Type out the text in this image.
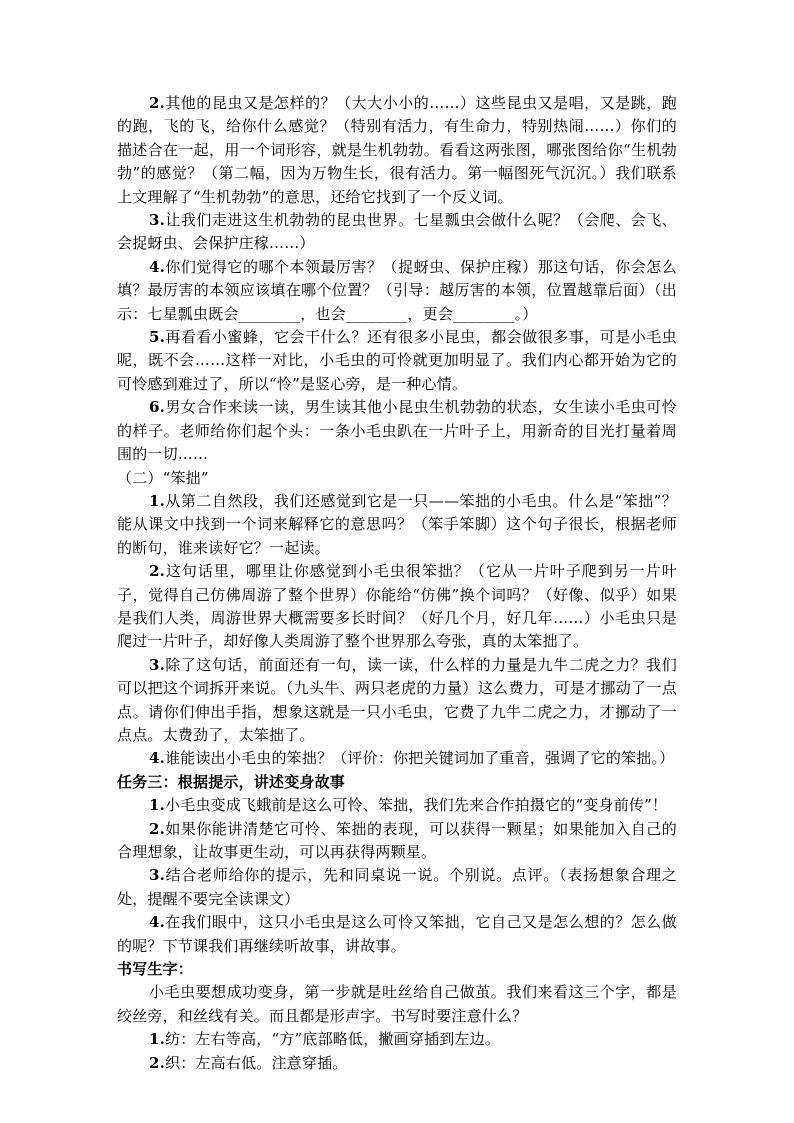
2.其他的昆虫又是怎样的？（大大小小的……）这些昆虫又是唱，又是跳，跑的跑，飞的飞，给你什么感觉？（特别有活力，有生命力，特别热闹……）你们的描述合在一起，用一个词形容，就是生机勃勃。看看这两张图，哪张图给你“生机勃勃”的感觉？（第二幅，因为万物生长，很有活力。第一幅图死气沉沉。）我们联系上文理解了“生机勃勃”的意思，还给它找到了一个反义词。

3.让我们走进这生机勃勃的昆虫世界。七星瓢虫会做什么呢？（会爬、会飞、会捉蚜虫、会保护庄稼……）

4.你们觉得它的哪个本领最厉害？（捉蚜虫、保护庄稼）那这句话，你会怎么填？最厉害的本领应该填在哪个位置？（引导：越厉害的本领，位置越靠后面）（出示：七星瓢虫既会________，也会________，更会________。）

5.再看看小蜜蜂，它会干什么？还有很多小昆虫，都会做很多事，可是小毛虫呢，既不会……这样一对比，小毛虫的可怜就更加明显了。我们内心都开始为它的可怜感到难过了，所以“怜”是竖心旁，是一种心情。

6.男女合作来读一读，男生读其他小昆虫生机勃勃的状态，女生读小毛虫可怜的样子。老师给你们起个头：一条小毛虫趴在一片叶子上，用新奇的目光打量着周围的一切……

（二）“笨拙”

1.从第二自然段，我们还感觉到它是一只——笨拙的小毛虫。什么是“笨拙”？能从课文中找到一个词来解释它的意思吗？（笨手笨脚）这个句子很长，根据老师的断句，谁来读好它？一起读。

2.这句话里，哪里让你感觉到小毛虫很笨拙？（它从一片叶子爬到另一片叶子，觉得自己仿佛周游了整个世界）你能给“仿佛”换个词吗？（好像、似乎）如果是我们人类，周游世界大概需要多长时间？（好几个月，好几年……）小毛虫只是爬过一片叶子，却好像人类周游了整个世界那么夸张，真的太笨拙了。

3.除了这句话，前面还有一句，读一读，什么样的力量是九牛二虎之力？我们可以把这个词拆开来说。（九头牛、两只老虎的力量）这么费力，可是才挪动了一点点。请你们伸出手指，想象这就是一只小毛虫，它费了九牛二虎之力，才挪动了一点点。太费劲了，太笨拙了。

4.谁能读出小毛虫的笨拙？（评价：你把关键词加了重音，强调了它的笨拙。）

任务三：根据提示，讲述变身故事

1.小毛虫变成飞蛾前是这么可怜、笨拙，我们先来合作拍摄它的“变身前传”！

2.如果你能讲清楚它可怜、笨拙的表现，可以获得一颗星；如果能加入自己的合理想象，让故事更生动，可以再获得两颗星。

3.结合老师给你的提示，先和同桌说一说。个别说。点评。（表扬想象合理之处，提醒不要完全读课文）

4.在我们眼中，这只小毛虫是这么可怜又笨拙，它自己又是怎么想的？怎么做的呢？下节课我们再继续听故事，讲故事。

书写生字：

小毛虫要想成功变身，第一步就是吐丝给自己做茧。我们来看这三个字，都是绞丝旁，和丝线有关。而且都是形声字。书写时要注意什么？

1.纺：左右等高，“方”底部略低，撇画穿插到左边。

2.织：左高右低。注意穿插。
